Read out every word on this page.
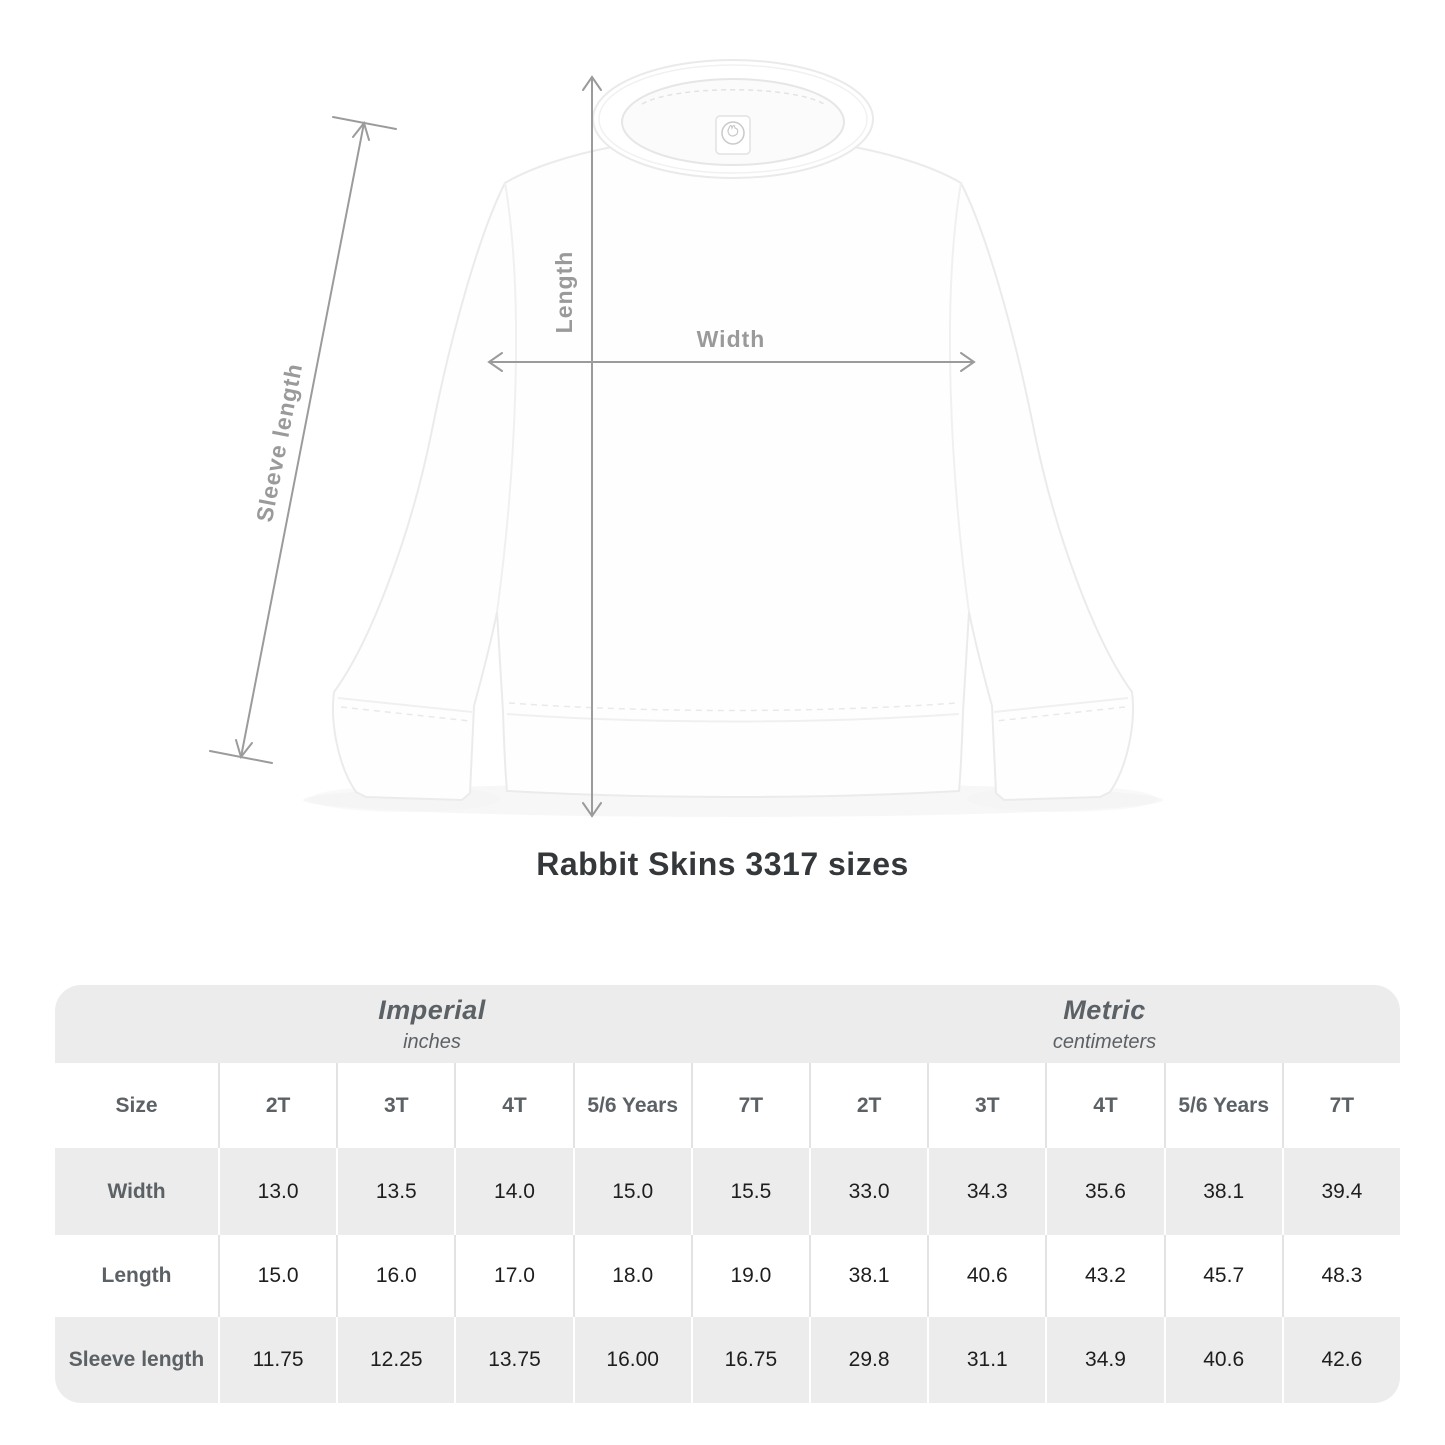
Width
Length
Sleeve length
Rabbit Skins 3317 sizes
Imperial
inches
Metric
centimeters
Size	2T	3T	4T	5/6 Years	7T	2T	3T	4T	5/6 Years	7T
Width	13.0	13.5	14.0	15.0	15.5	33.0	34.3	35.6	38.1	39.4
Length	15.0	16.0	17.0	18.0	19.0	38.1	40.6	43.2	45.7	48.3
Sleeve length	11.75	12.25	13.75	16.00	16.75	29.8	31.1	34.9	40.6	42.6
